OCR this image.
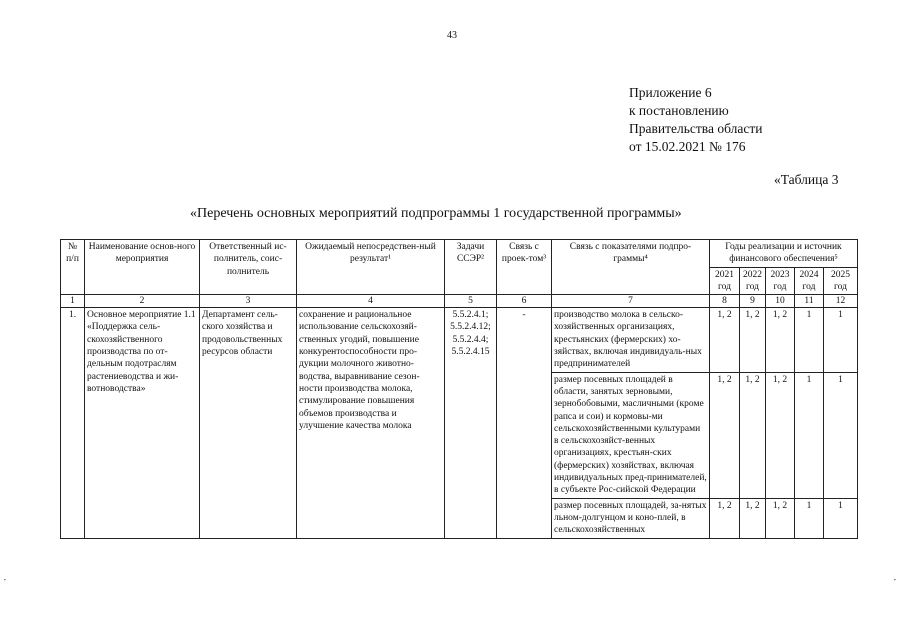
43
Приложение 6
к постановлению
Правительства области
от 15.02.2021 № 176
«Таблица 3
«Перечень основных мероприятий подпрограммы 1 государственной программы»
⠁	⠁
№ п/п	Наименование основ-ного мероприятия	Ответственный ис-полнитель, соис-полнитель	Ожидаемый непосредствен-ный результат¹	Задачи ССЭР²	Связь с проек-том³	Связь с показателями подпро-граммы⁴	Годы реализации и источник финансового обеспечения⁵				
							2021 год	2022 год	2023 год	2024 год	2025 год
1	2	3	4	5	6	7	8	9	10	11	12
1.	Основное мероприятие 1.1 «Поддержка сель-скохозяйственного производства по от-дельным подотраслям растениеводства и жи-вотноводства»	Департамент сель-ского хозяйства и продовольственных ресурсов области	сохранение и рациональное использование сельскохозяй-ственных угодий, повышение конкурентоспособности про-дукции молочного животно-водства, выравнивание сезон-ности производства молока, стимулирование повышения объемов производства и улучшение качества молока	5.5.2.4.1; 5.5.2.4.12; 5.5.2.4.4; 5.5.2.4.15	-	производство молока в сельско-хозяйственных организациях, крестьянских (фермерских) хо-зяйствах, включая индивидуаль-ных предпринимателей	1, 2	1, 2	1, 2	1	1
						размер посевных площадей в области, занятых зерновыми, зернобобовыми, масличными (кроме рапса и сои) и кормовы-ми сельскохозяйственными культурами в сельскохозяйст-венных организациях, крестьян-ских (фермерских) хозяйствах, включая индивидуальных пред-принимателей, в субъекте Рос-сийской Федерации	1, 2	1, 2	1, 2	1	1
						размер посевных площадей, за-нятых льном-долгунцом и коно-плей, в сельскохозяйственных	1, 2	1, 2	1, 2	1	1
